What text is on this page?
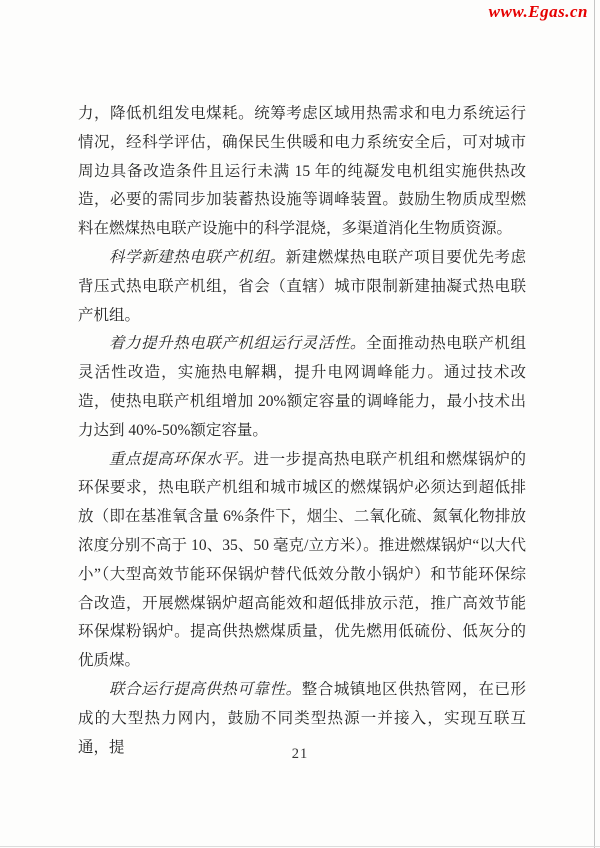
www.Egas.cn

力，降低机组发电煤耗。统筹考虑区域用热需求和电力系统运行情况，经科学评估，确保民生供暖和电力系统安全后，可对城市周边具备改造条件且运行未满 15 年的纯凝发电机组实施供热改造，必要的需同步加装蓄热设施等调峰装置。鼓励生物质成型燃料在燃煤热电联产设施中的科学混烧，多渠道消化生物质资源。

科学新建热电联产机组。新建燃煤热电联产项目要优先考虑背压式热电联产机组，省会（直辖）城市限制新建抽凝式热电联产机组。

着力提升热电联产机组运行灵活性。全面推动热电联产机组灵活性改造，实施热电解耦，提升电网调峰能力。通过技术改造，使热电联产机组增加 20%额定容量的调峰能力，最小技术出力达到 40%-50%额定容量。

重点提高环保水平。进一步提高热电联产机组和燃煤锅炉的环保要求，热电联产机组和城市城区的燃煤锅炉必须达到超低排放（即在基准氧含量 6%条件下，烟尘、二氧化硫、氮氧化物排放浓度分别不高于 10、35、50 毫克/立方米）。推进燃煤锅炉“以大代小”（大型高效节能环保锅炉替代低效分散小锅炉）和节能环保综合改造，开展燃煤锅炉超高能效和超低排放示范，推广高效节能环保煤粉锅炉。提高供热燃煤质量，优先燃用低硫份、低灰分的优质煤。

联合运行提高供热可靠性。整合城镇地区供热管网，在已形成的大型热力网内，鼓励不同类型热源一并接入，实现互联互通，提	21
